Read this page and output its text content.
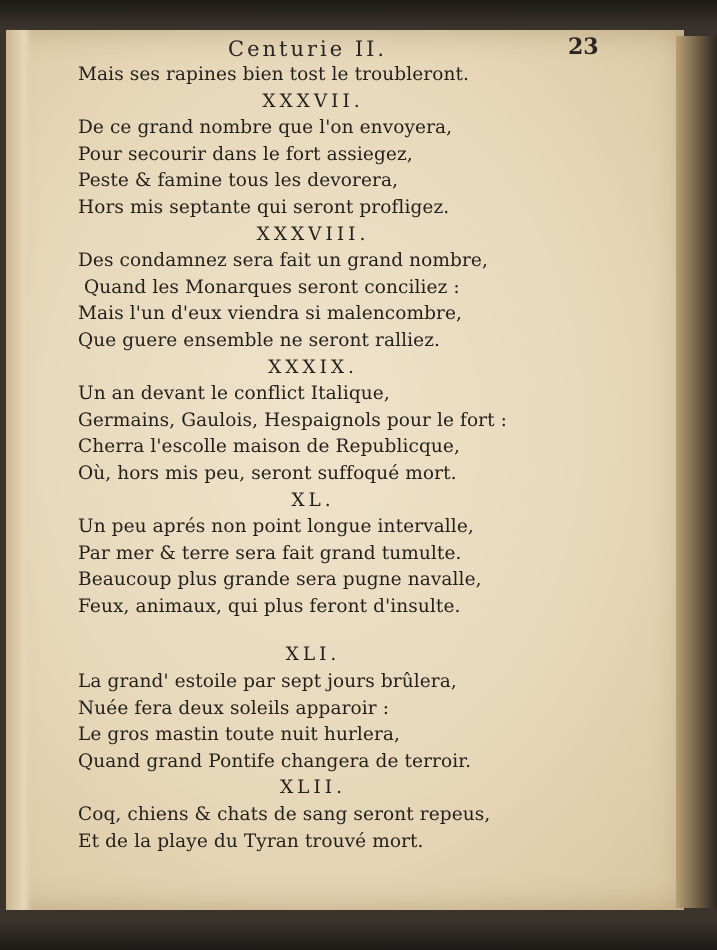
Centurie II.	23
Mais ses rapines bien tost le troubleront.
XXXVII.
De ce grand nombre que l'on envoyera,
Pour secourir dans le fort assiegez,
Peste & famine tous les devorera,
Hors mis septante qui seront profligez.
XXXVIII.
Des condamnez sera fait un grand nombre,
Quand les Monarques seront conciliez :
Mais l'un d'eux viendra si malencombre,
Que guere ensemble ne seront ralliez.
XXXIX.
Un an devant le conflict Italique,
Germains, Gaulois, Hespaignols pour le fort :
Cherra l'escolle maison de Republicque,
Où, hors mis peu, seront suffoqué mort.
XL.
Un peu aprés non point longue intervalle,
Par mer & terre sera fait grand tumulte.
Beaucoup plus grande sera pugne navalle,
Feux, animaux, qui plus feront d'insulte.
XLI.
La grand' estoile par sept jours brûlera,
Nuée fera deux soleils apparoir :
Le gros mastin toute nuit hurlera,
Quand grand Pontife changera de terroir.
XLII.
Coq, chiens & chats de sang seront repeus,
Et de la playe du Tyran trouvé mort.
